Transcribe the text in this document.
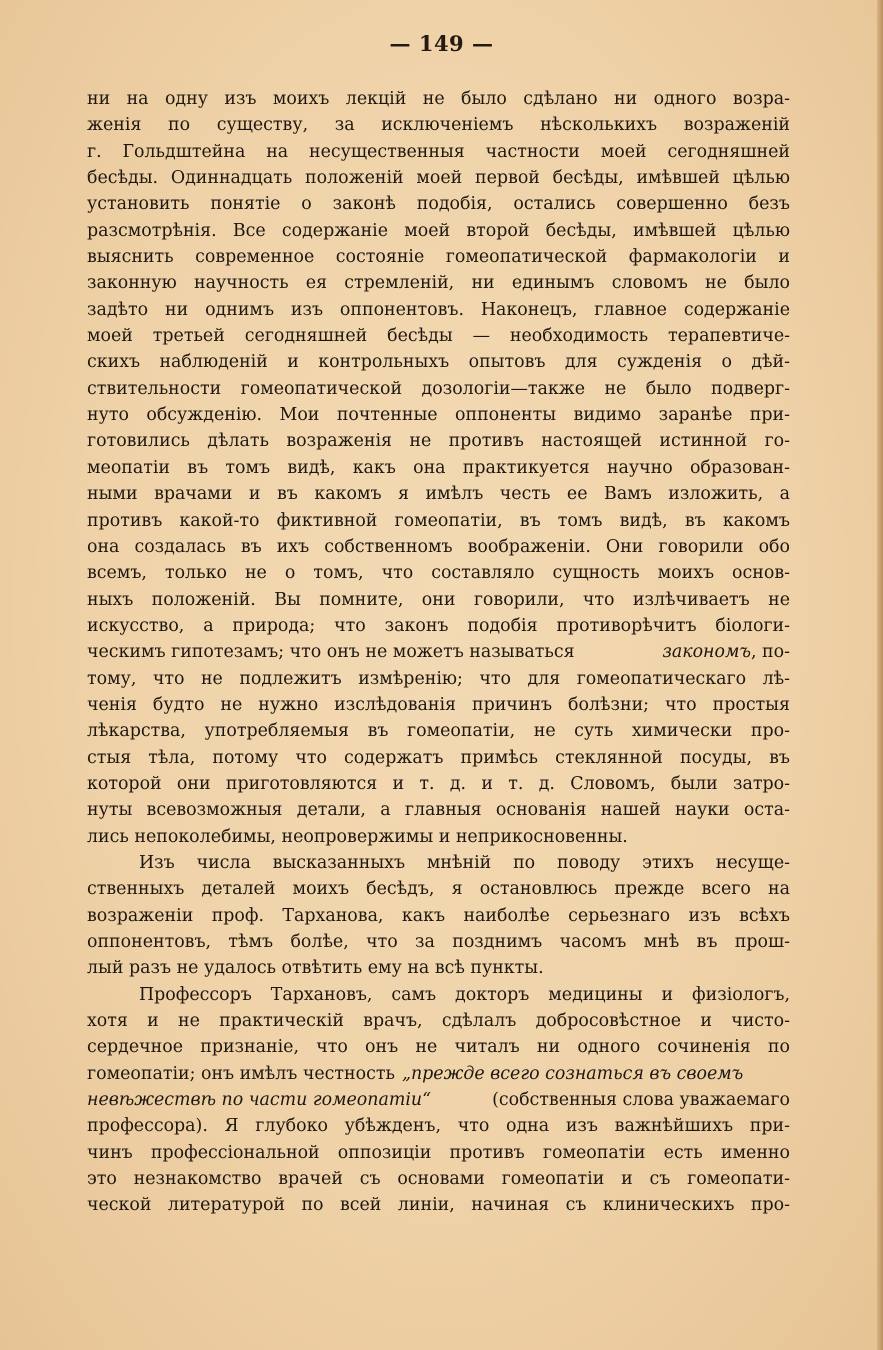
— 149 —
ни на одну изъ моихъ лекцій не было сдѣлано ни одного возра-
женія по существу, за исключеніемъ нѣсколькихъ возраженій
г. Гольдштейна на несущественныя частности моей сегодняшней
бесѣды. Одиннадцать положеній моей первой бесѣды, имѣвшей цѣлью
установить понятіе о законѣ подобія, остались совершенно безъ
разсмотрѣнія. Все содержаніе моей второй бесѣды, имѣвшей цѣлью
выяснить современное состояніе гомеопатической фармакологіи и
законную научность ея стремленій, ни единымъ словомъ не было
задѣто ни однимъ изъ оппонентовъ. Наконецъ, главное содержаніе
моей третьей сегодняшней бесѣды — необходимость терапевтиче-
скихъ наблюденій и контрольныхъ опытовъ для сужденія о дѣй-
ствительности гомеопатической дозологіи—также не было подверг-
нуто обсужденію. Мои почтенные оппоненты видимо заранѣе при-
готовились дѣлать возраженія не противъ настоящей истинной го-
меопатіи въ томъ видѣ, какъ она практикуется научно образован-
ными врачами и въ какомъ я имѣлъ честь ее Вамъ изложить, а
противъ какой-то фиктивной гомеопатіи, въ томъ видѣ, въ какомъ
она создалась въ ихъ собственномъ воображеніи. Они говорили обо
всемъ, только не о томъ, что составляло сущность моихъ основ-
ныхъ положеній. Вы помните, они говорили, что излѣчиваетъ не
искусство, а природа; что законъ подобія противорѣчитъ біологи-
ческимъ гипотезамъ; что онъ не можетъ называться	закономъ, по-
тому, что не подлежитъ измѣренію; что для гомеопатическаго лѣ-
ченія будто не нужно изслѣдованія причинъ болѣзни; что простыя
лѣкарства, употребляемыя въ гомеопатіи, не суть химически про-
стыя тѣла, потому что содержатъ примѣсь стеклянной посуды, въ
которой они приготовляются и т. д. и т. д. Словомъ, были затро-
нуты всевозможныя детали, а главныя основанія нашей науки оста-
лись непоколебимы, неопровержимы и неприкосновенны.
Изъ числа высказанныхъ мнѣній по поводу этихъ несуще-
ственныхъ деталей моихъ бесѣдъ, я остановлюсь прежде всего на
возраженіи проф. Тарханова, какъ наиболѣе серьезнаго изъ всѣхъ
оппонентовъ, тѣмъ болѣе, что за позднимъ часомъ мнѣ въ прош-
лый разъ не удалось отвѣтить ему на всѣ пункты.
Профессоръ Тархановъ, самъ докторъ медицины и физіологъ,
хотя и не практическій врачъ, сдѣлалъ добросовѣстное и чисто-
сердечное признаніе, что онъ не читалъ ни одного сочиненія по
гомеопатіи; онъ имѣлъ честность „прежде всего сознаться въ своемъ
невѣжествѣ по части гомеопатіи“	(собственныя слова уважаемаго
профессора). Я глубоко убѣжденъ, что одна изъ важнѣйшихъ при-
чинъ профессіональной оппозиціи противъ гомеопатіи есть именно
это незнакомство врачей съ основами гомеопатіи и съ гомеопати-
ческой литературой по всей линіи, начиная съ клиническихъ про-
